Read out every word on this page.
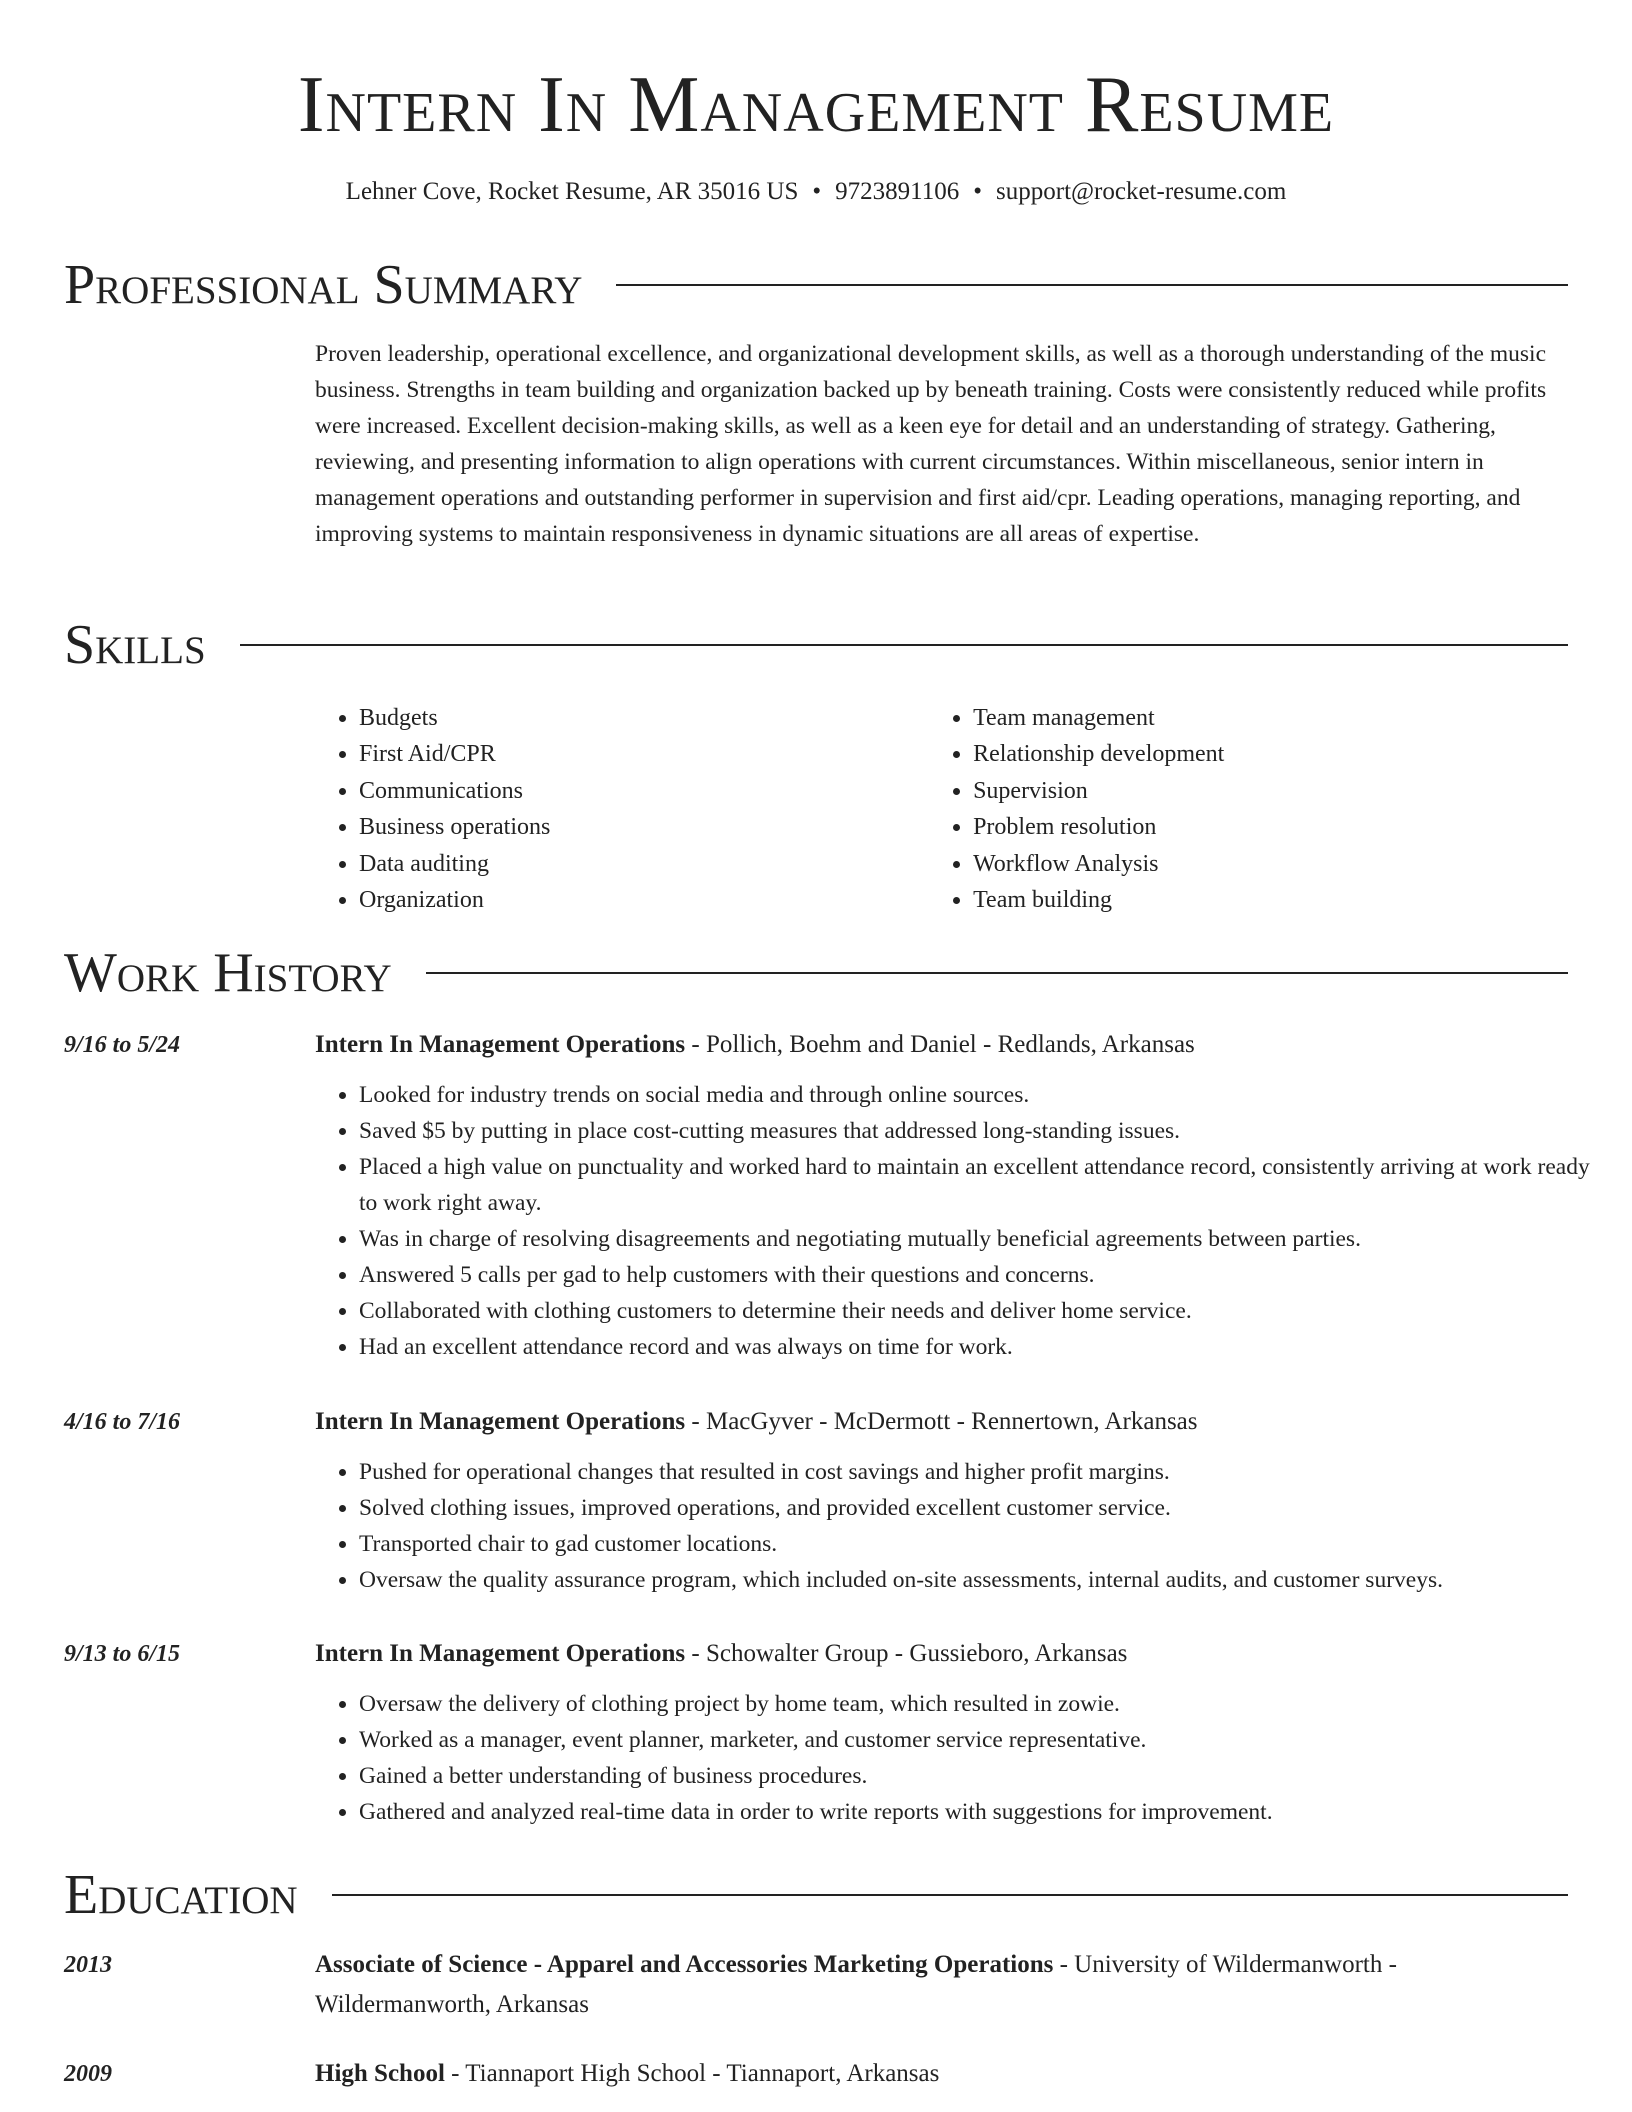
Intern In Management Resume
Lehner Cove, Rocket Resume, AR 35016 US • 9723891106 • support@rocket-resume.com
Professional Summary

Proven leadership, operational excellence, and organizational development skills, as well as a thorough understanding of the music business. Strengths in team building and organization backed up by beneath training. Costs were consistently reduced while profits were increased. Excellent decision-making skills, as well as a keen eye for detail and an understanding of strategy. Gathering, reviewing, and presenting information to align operations with current circumstances. Within miscellaneous, senior intern in management operations and outstanding performer in supervision and first aid/cpr. Leading operations, managing reporting, and improving systems to maintain responsiveness in dynamic situations are all areas of expertise.

Skills
• Budgets
• First Aid/CPR
• Communications
• Business operations
• Data auditing
• Organization
• Team management
• Relationship development
• Supervision
• Problem resolution
• Workflow Analysis
• Team building
Work History
9/16 to 5/24	Intern In Management Operations - Pollich, Boehm and Daniel - Redlands, Arkansas
• Looked for industry trends on social media and through online sources.
• Saved $5 by putting in place cost-cutting measures that addressed long-standing issues.
• Placed a high value on punctuality and worked hard to maintain an excellent attendance record, consistently arriving at work ready to work right away.
• Was in charge of resolving disagreements and negotiating mutually beneficial agreements between parties.
• Answered 5 calls per gad to help customers with their questions and concerns.
• Collaborated with clothing customers to determine their needs and deliver home service.
• Had an excellent attendance record and was always on time for work.
4/16 to 7/16	Intern In Management Operations - MacGyver - McDermott - Rennertown, Arkansas
• Pushed for operational changes that resulted in cost savings and higher profit margins.
• Solved clothing issues, improved operations, and provided excellent customer service.
• Transported chair to gad customer locations.
• Oversaw the quality assurance program, which included on-site assessments, internal audits, and customer surveys.
9/13 to 6/15	Intern In Management Operations - Schowalter Group - Gussieboro, Arkansas
• Oversaw the delivery of clothing project by home team, which resulted in zowie.
• Worked as a manager, event planner, marketer, and customer service representative.
• Gained a better understanding of business procedures.
• Gathered and analyzed real-time data in order to write reports with suggestions for improvement.
Education
2013	Associate of Science - Apparel and Accessories Marketing Operations - University of Wildermanworth - Wildermanworth, Arkansas
2009	High School - Tiannaport High School - Tiannaport, Arkansas
